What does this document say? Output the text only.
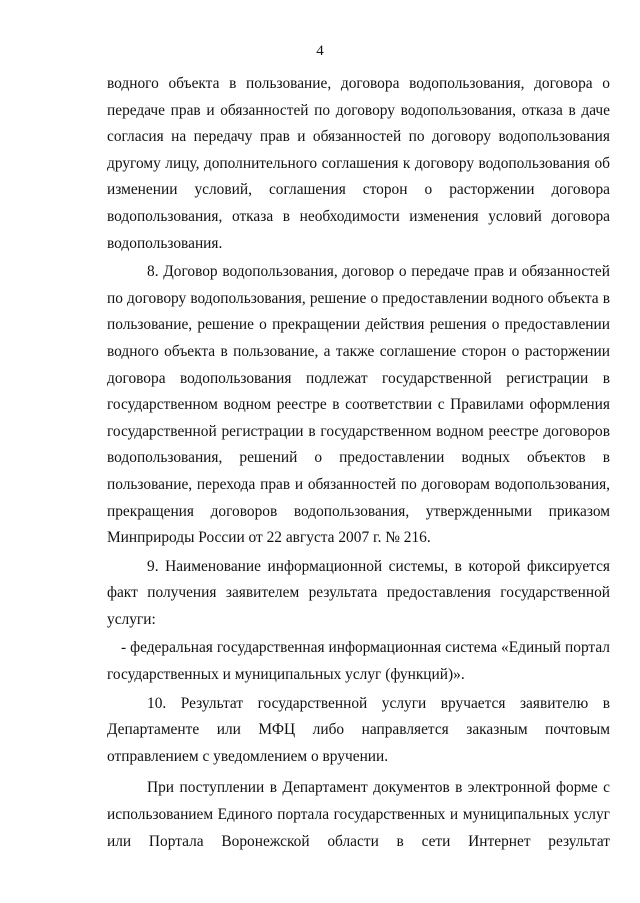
4

водного объекта в пользование, договора водопользования, договора о передаче прав и обязанностей по договору водопользования, отказа в даче согласия на передачу прав и обязанностей по договору водопользования другому лицу, дополнительного соглашения к договору водопользования об изменении условий, соглашения сторон о расторжении договора водопользования, отказа в необходимости изменения условий договора водопользования.

8. Договор водопользования, договор о передаче прав и обязанностей по договору водопользования, решение о предоставлении водного объекта в пользование, решение о прекращении действия решения о предоставлении водного объекта в пользование, а также соглашение сторон о расторжении договора водопользования подлежат государственной регистрации в государственном водном реестре в соответствии с Правилами оформления государственной регистрации в государственном водном реестре договоров водопользования, решений о предоставлении водных объектов в пользование, перехода прав и обязанностей по договорам водопользования, прекращения договоров водопользования, утвержденными приказом Минприроды России от 22 августа 2007 г. № 216.

9. Наименование информационной системы, в которой фиксируется факт получения заявителем результата предоставления государственной услуги:

- федеральная государственная информационная система «Единый портал государственных и муниципальных услуг (функций)».

10. Результат государственной услуги вручается заявителю в Департаменте или МФЦ либо направляется заказным почтовым отправлением с уведомлением о вручении.

При поступлении в Департамент документов в электронной форме с использованием Единого портала государственных и муниципальных услуг или Портала Воронежской области в сети Интернет результат
